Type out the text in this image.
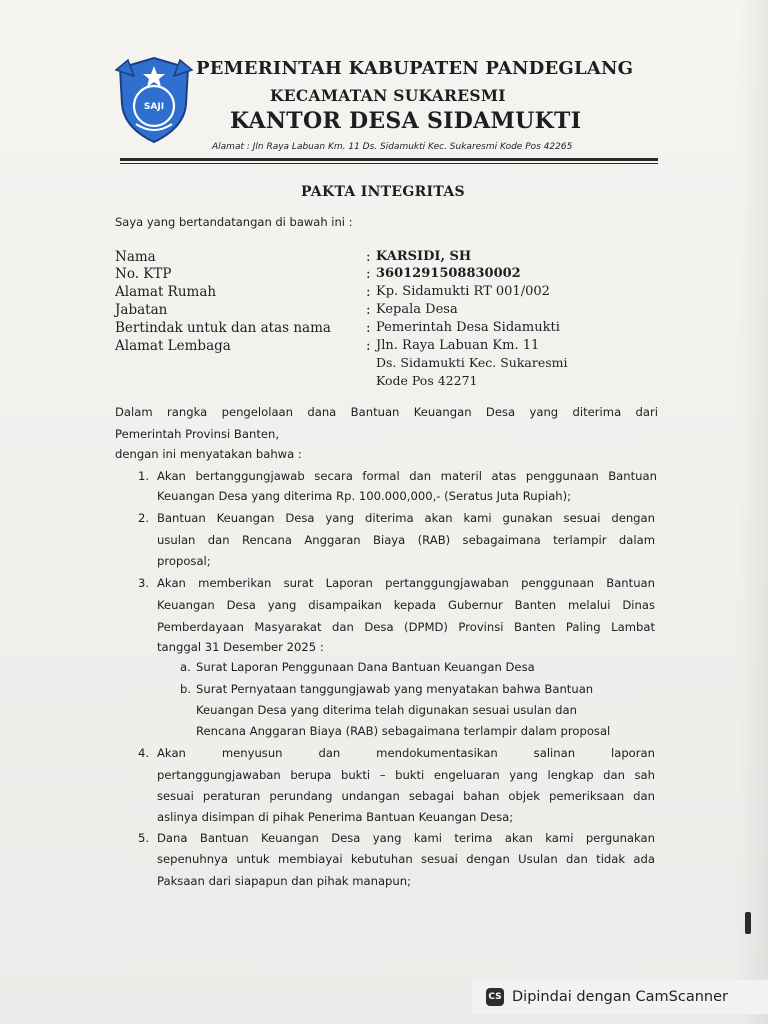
SAJI
PEMERINTAH KABUPATEN PANDEGLANG
KECAMATAN SUKARESMI
KANTOR DESA SIDAMUKTI
Alamat : Jln Raya Labuan Km. 11 Ds. Sidamukti Kec. Sukaresmi Kode Pos 42265
PAKTA INTEGRITAS
Saya yang bertandatangan di bawah ini :
Nama	: KARSIDI, SH
No. KTP	: 3601291508830002
Alamat Rumah	: Kp. Sidamukti RT 001/002
Jabatan	: Kepala Desa
Bertindak untuk dan atas nama	: Pemerintah Desa Sidamukti
Alamat Lembaga	: Jln. Raya Labuan Km. 11
Ds. Sidamukti Kec. Sukaresmi
Kode Pos 42271
Dalam rangka pengelolaan dana Bantuan Keuangan Desa yang diterima dari
Pemerintah Provinsi Banten,
dengan ini menyatakan bahwa :
1. Akan bertanggungjawab secara formal dan materil atas penggunaan Bantuan
Keuangan Desa yang diterima Rp. 100.000,000,- (Seratus Juta Rupiah);
2. Bantuan Keuangan Desa yang diterima akan kami gunakan sesuai dengan
usulan dan Rencana Anggaran Biaya (RAB) sebagaimana terlampir dalam
proposal;
3. Akan memberikan surat Laporan pertanggungjawaban penggunaan Bantuan
Keuangan Desa yang disampaikan kepada Gubernur Banten melalui Dinas
Pemberdayaan Masyarakat dan Desa (DPMD) Provinsi Banten Paling Lambat
tanggal 31 Desember 2025 :
a. Surat Laporan Penggunaan Dana Bantuan Keuangan Desa
b. Surat Pernyataan tanggungjawab yang menyatakan bahwa Bantuan
Keuangan Desa yang diterima telah digunakan sesuai usulan dan
Rencana Anggaran Biaya (RAB) sebagaimana terlampir dalam proposal
4. Akan menyusun dan mendokumentasikan salinan laporan
pertanggungjawaban berupa bukti – bukti engeluaran yang lengkap dan sah
sesuai peraturan perundang undangan sebagai bahan objek pemeriksaan dan
aslinya disimpan di pihak Penerima Bantuan Keuangan Desa;
5. Dana Bantuan Keuangan Desa yang kami terima akan kami pergunakan
sepenuhnya untuk membiayai kebutuhan sesuai dengan Usulan dan tidak ada
Paksaan dari siapapun dan pihak manapun;
CS Dipindai dengan CamScanner
